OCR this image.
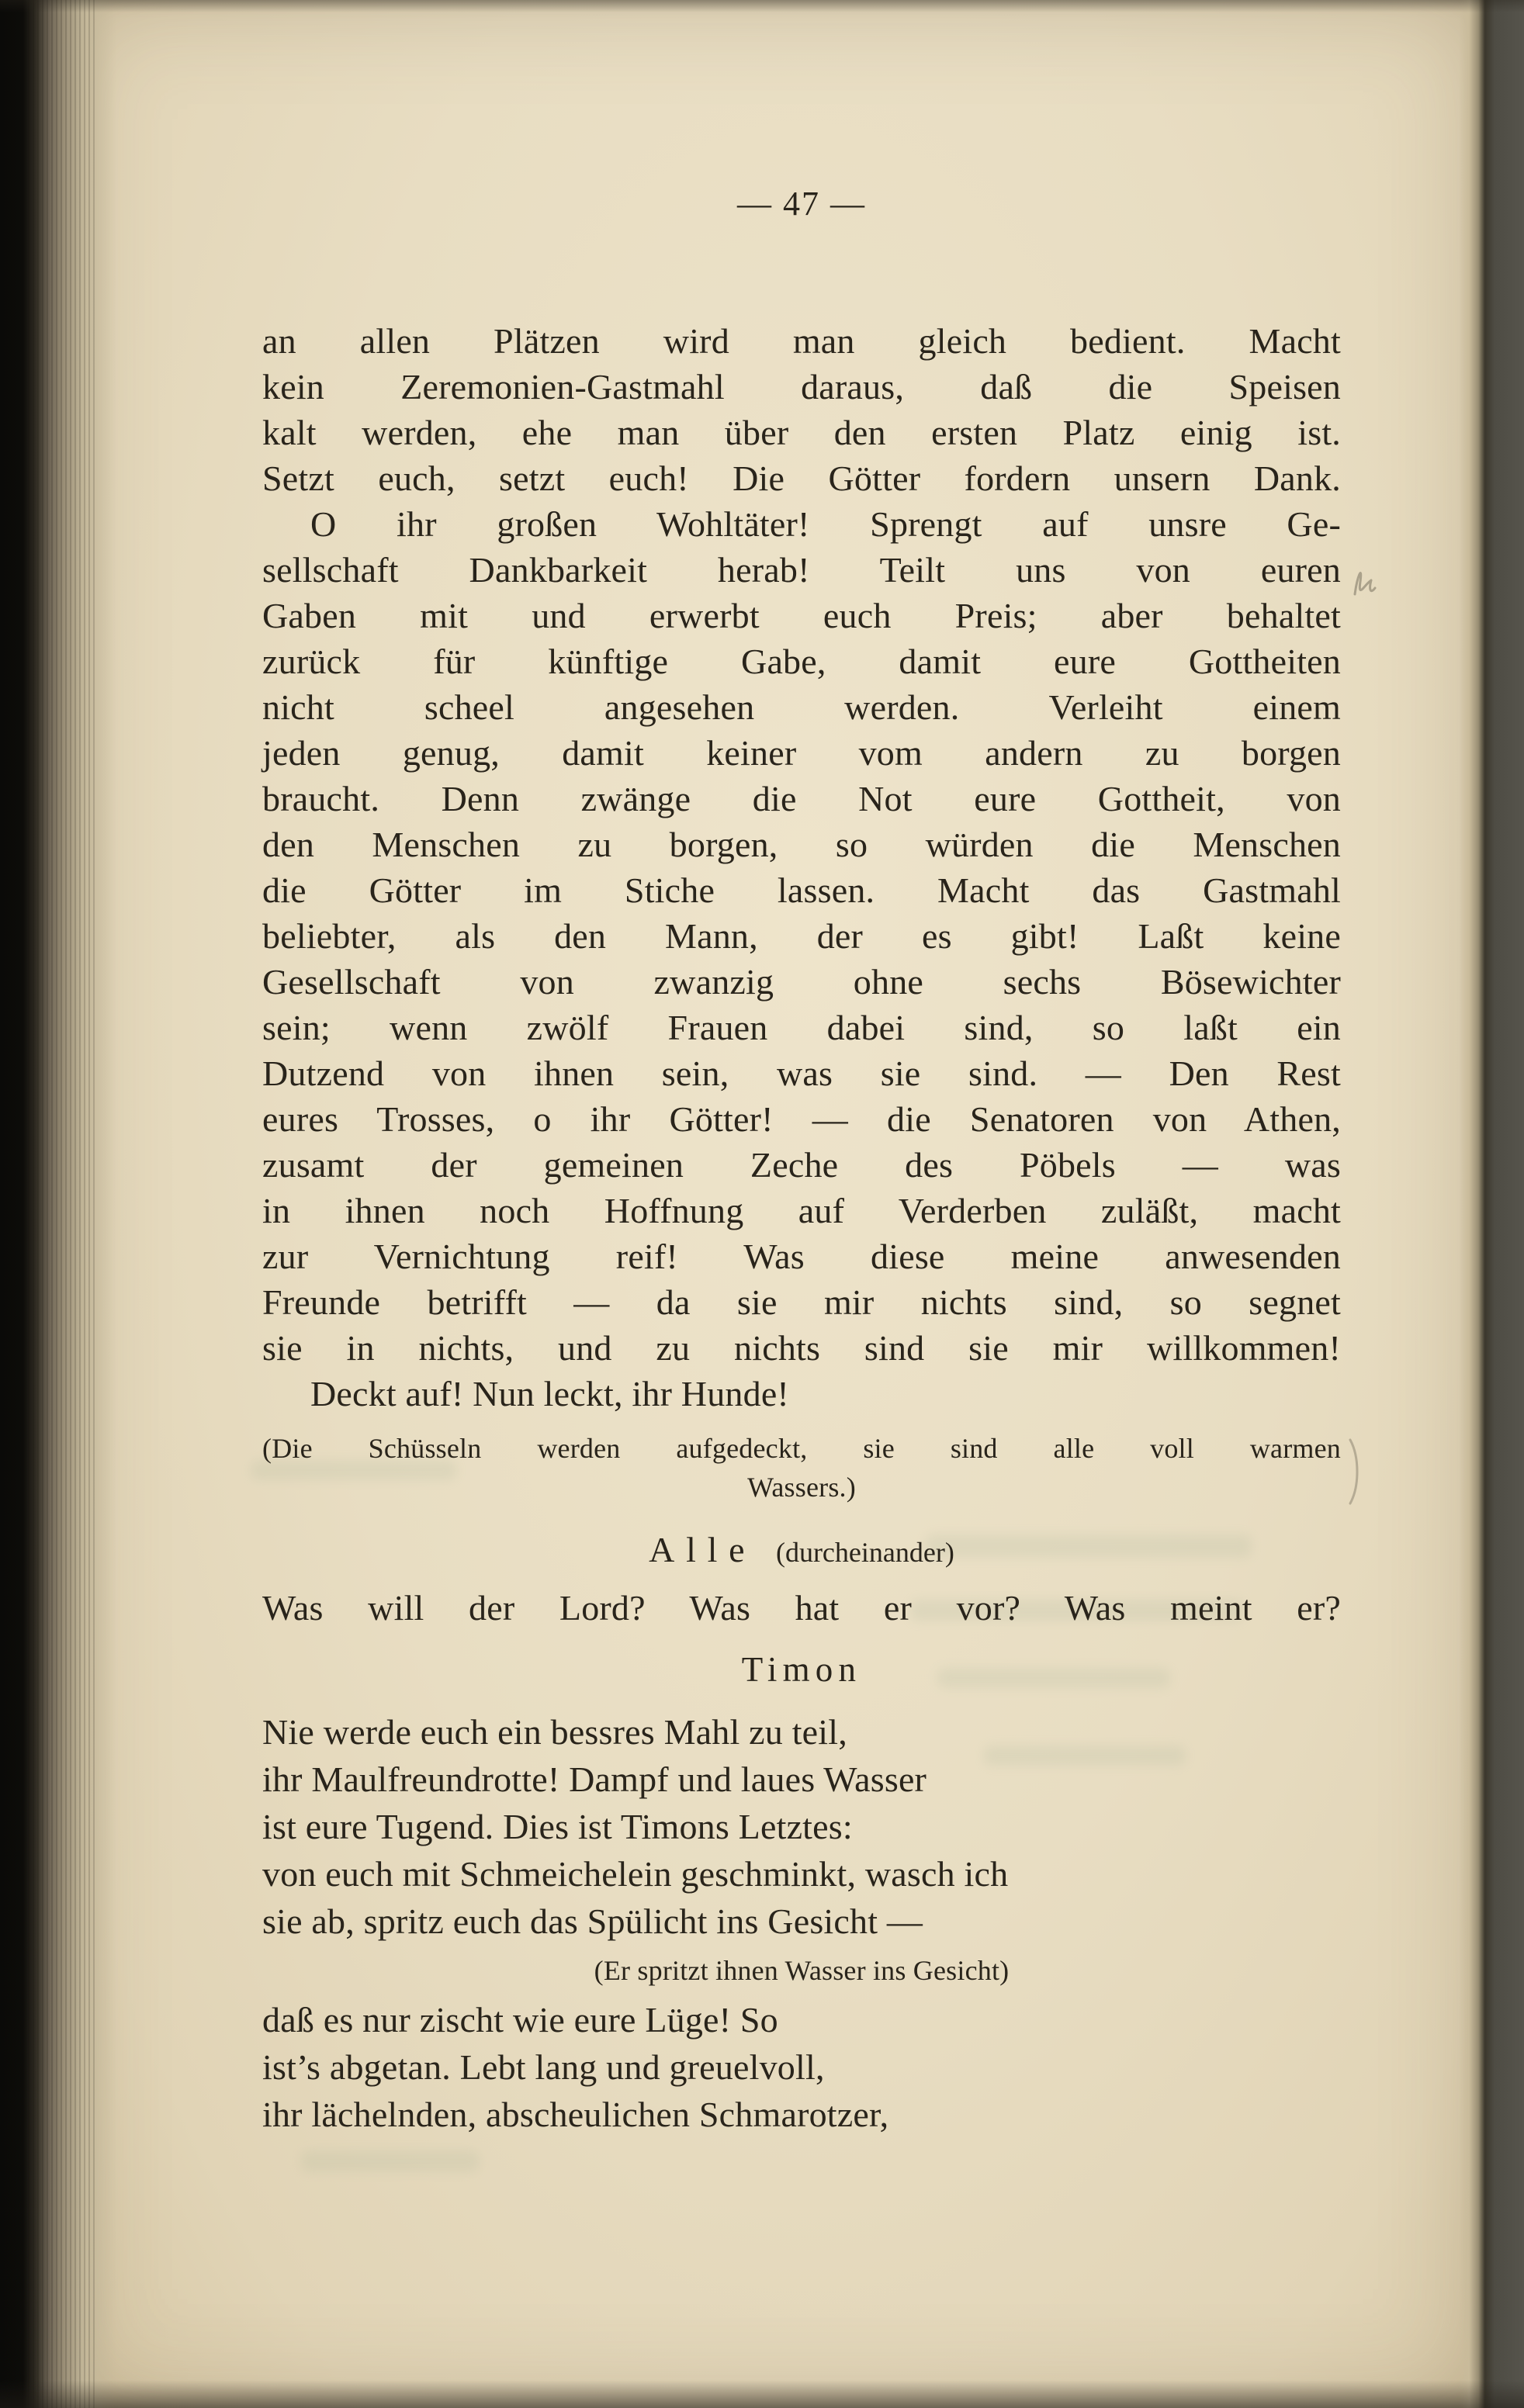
— 47 —
an allen Plätzen wird man gleich bedient. Macht
kein Zeremonien-Gastmahl daraus, daß die Speisen
kalt werden, ehe man über den ersten Platz einig ist.
Setzt euch, setzt euch! Die Götter fordern unsern Dank.
O ihr großen Wohltäter! Sprengt auf unsre Ge-
sellschaft Dankbarkeit herab! Teilt uns von euren
Gaben mit und erwerbt euch Preis; aber behaltet
zurück für künftige Gabe, damit eure Gottheiten
nicht scheel angesehen werden. Verleiht einem
jeden genug, damit keiner vom andern zu borgen
braucht. Denn zwänge die Not eure Gottheit, von
den Menschen zu borgen, so würden die Menschen
die Götter im Stiche lassen. Macht das Gastmahl
beliebter, als den Mann, der es gibt! Laßt keine
Gesellschaft von zwanzig ohne sechs Bösewichter
sein; wenn zwölf Frauen dabei sind, so laßt ein
Dutzend von ihnen sein, was sie sind. — Den Rest
eures Trosses, o ihr Götter! — die Senatoren von Athen,
zusamt der gemeinen Zeche des Pöbels — was
in ihnen noch Hoffnung auf Verderben zuläßt, macht
zur Vernichtung reif! Was diese meine anwesenden
Freunde betrifft — da sie mir nichts sind, so segnet
sie in nichts, und zu nichts sind sie mir willkommen!
Deckt auf! Nun leckt, ihr Hunde!
(Die Schüsseln werden aufgedeckt, sie sind alle voll warmen
Wassers.)
Alle (durcheinander)
Was will der Lord? Was hat er vor? Was meint er?
Timon
Nie werde euch ein bessres Mahl zu teil,
ihr Maulfreundrotte! Dampf und laues Wasser
ist eure Tugend. Dies ist Timons Letztes:
von euch mit Schmeichelein geschminkt, wasch ich
sie ab, spritz euch das Spülicht ins Gesicht —
(Er spritzt ihnen Wasser ins Gesicht)
daß es nur zischt wie eure Lüge! So
ist’s abgetan. Lebt lang und greuelvoll,
ihr lächelnden, abscheulichen Schmarotzer,
